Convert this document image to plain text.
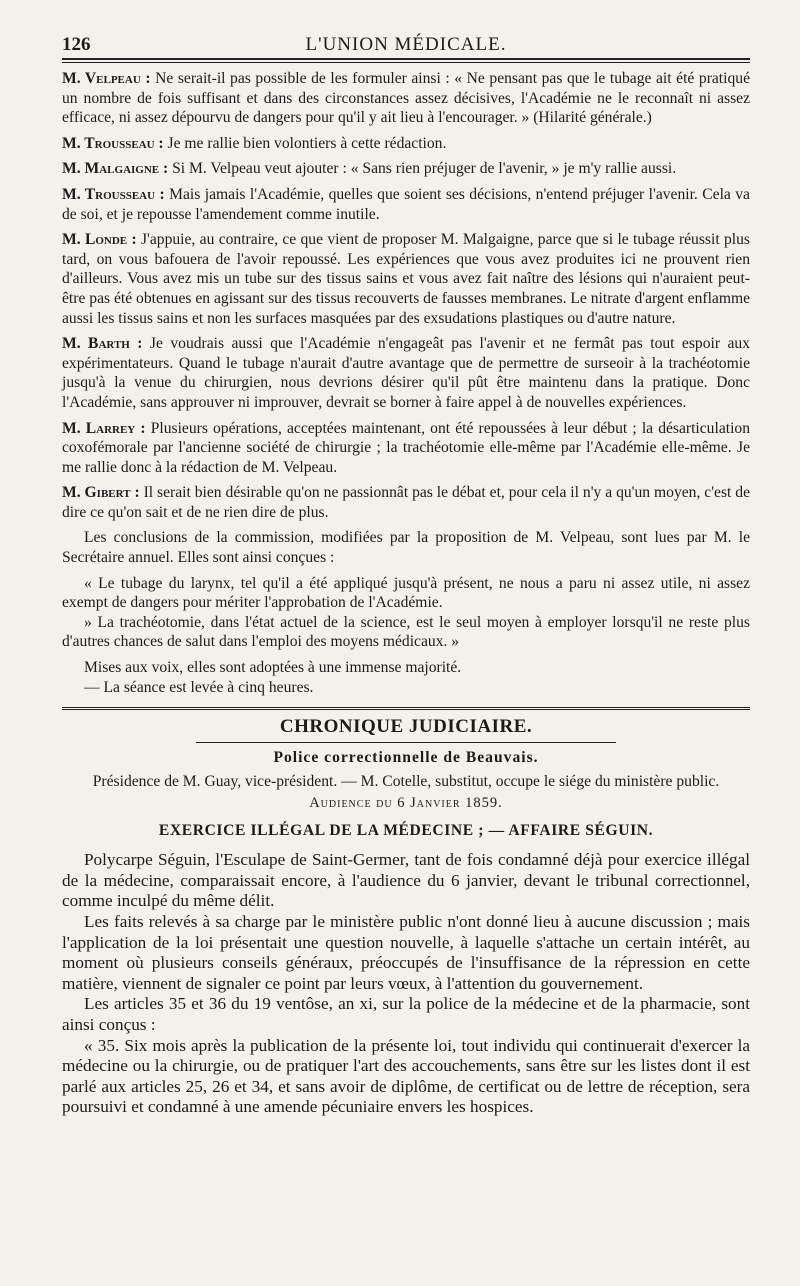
126	L'UNION MÉDICALE.

M. Velpeau : Ne serait-il pas possible de les formuler ainsi : « Ne pensant pas que le tubage ait été pratiqué un nombre de fois suffisant et dans des circonstances assez décisives, l'Académie ne le reconnaît ni assez efficace, ni assez dépourvu de dangers pour qu'il y ait lieu à l'encourager. » (Hilarité générale.)

M. Trousseau : Je me rallie bien volontiers à cette rédaction.

M. Malgaigne : Si M. Velpeau veut ajouter : « Sans rien préjuger de l'avenir, » je m'y rallie aussi.

M. Trousseau : Mais jamais l'Académie, quelles que soient ses décisions, n'entend préjuger l'avenir. Cela va de soi, et je repousse l'amendement comme inutile.

M. Londe : J'appuie, au contraire, ce que vient de proposer M. Malgaigne, parce que si le tubage réussit plus tard, on vous bafouera de l'avoir repoussé. Les expériences que vous avez produites ici ne prouvent rien d'ailleurs. Vous avez mis un tube sur des tissus sains et vous avez fait naître des lésions qui n'auraient peut-être pas été obtenues en agissant sur des tissus recouverts de fausses membranes. Le nitrate d'argent enflamme aussi les tissus sains et non les surfaces masquées par des exsudations plastiques ou d'autre nature.

M. Barth : Je voudrais aussi que l'Académie n'engageât pas l'avenir et ne fermât pas tout espoir aux expérimentateurs. Quand le tubage n'aurait d'autre avantage que de permettre de surseoir à la trachéotomie jusqu'à la venue du chirurgien, nous devrions désirer qu'il pût être maintenu dans la pratique. Donc l'Académie, sans approuver ni improuver, devrait se borner à faire appel à de nouvelles expériences.

M. Larrey : Plusieurs opérations, acceptées maintenant, ont été repoussées à leur début ; la désarticulation coxofémorale par l'ancienne société de chirurgie ; la trachéotomie elle-même par l'Académie elle-même. Je me rallie donc à la rédaction de M. Velpeau.

M. Gibert : Il serait bien désirable qu'on ne passionnât pas le débat et, pour cela il n'y a qu'un moyen, c'est de dire ce qu'on sait et de ne rien dire de plus.

Les conclusions de la commission, modifiées par la proposition de M. Velpeau, sont lues par M. le Secrétaire annuel. Elles sont ainsi conçues :

« Le tubage du larynx, tel qu'il a été appliqué jusqu'à présent, ne nous a paru ni assez utile, ni assez exempt de dangers pour mériter l'approbation de l'Académie.

» La trachéotomie, dans l'état actuel de la science, est le seul moyen à employer lorsqu'il ne reste plus d'autres chances de salut dans l'emploi des moyens médicaux. »

Mises aux voix, elles sont adoptées à une immense majorité.

— La séance est levée à cinq heures.

CHRONIQUE JUDICIAIRE.
Police correctionnelle de Beauvais.
Présidence de M. Guay, vice-président. — M. Cotelle, substitut, occupe le siége du ministère public.
Audience du 6 Janvier 1859.
EXERCICE ILLÉGAL DE LA MÉDECINE ; — AFFAIRE SÉGUIN.

Polycarpe Séguin, l'Esculape de Saint-Germer, tant de fois condamné déjà pour exercice illégal de la médecine, comparaissait encore, à l'audience du 6 janvier, devant le tribunal correctionnel, comme inculpé du même délit.

Les faits relevés à sa charge par le ministère public n'ont donné lieu à aucune discussion ; mais l'application de la loi présentait une question nouvelle, à laquelle s'attache un certain intérêt, au moment où plusieurs conseils généraux, préoccupés de l'insuffisance de la répression en cette matière, viennent de signaler ce point par leurs vœux, à l'attention du gouvernement.

Les articles 35 et 36 du 19 ventôse, an xi, sur la police de la médecine et de la pharmacie, sont ainsi conçus :

« 35. Six mois après la publication de la présente loi, tout individu qui continuerait d'exercer la médecine ou la chirurgie, ou de pratiquer l'art des accouchements, sans être sur les listes dont il est parlé aux articles 25, 26 et 34, et sans avoir de diplôme, de certificat ou de lettre de réception, sera poursuivi et condamné à une amende pécuniaire envers les hospices.
